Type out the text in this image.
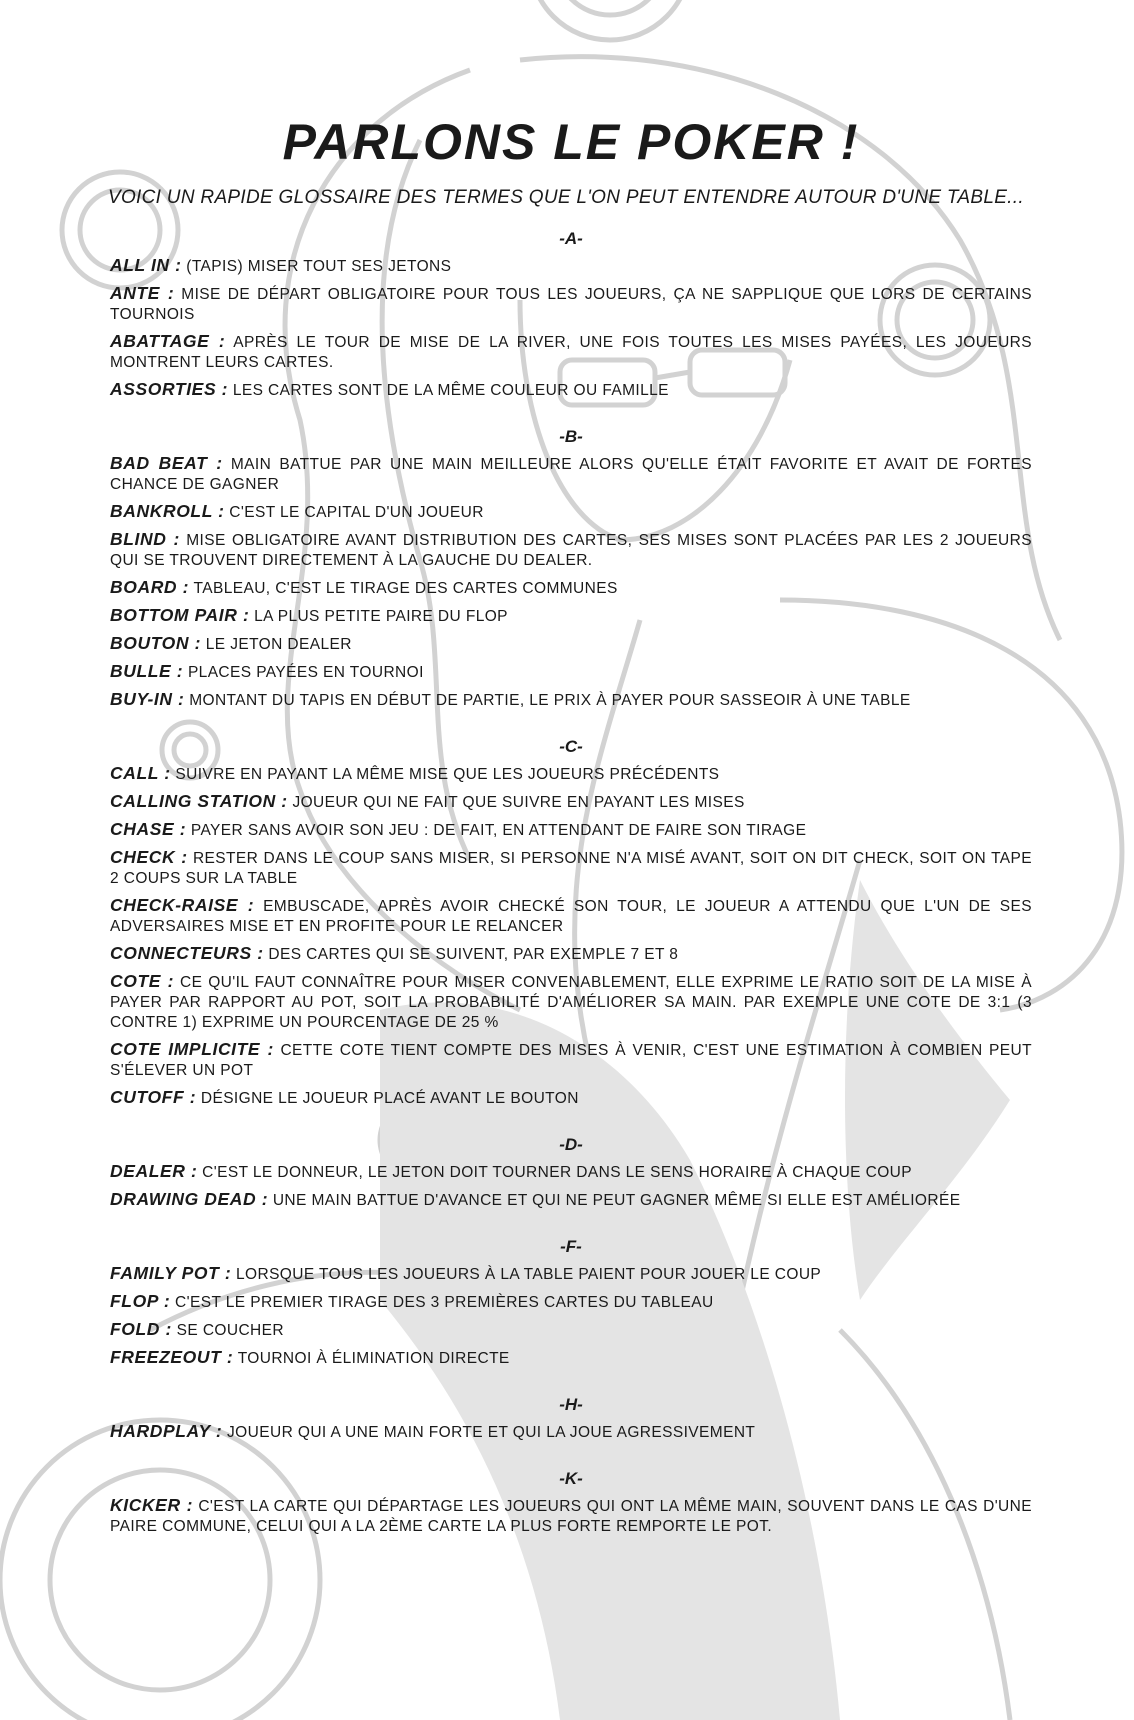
PARLONS LE POKER !
VOICI UN RAPIDE GLOSSAIRE DES TERMES QUE L'ON PEUT ENTENDRE AUTOUR D'UNE TABLE...
-A-
ALL IN : (TAPIS) MISER TOUT SES JETONS
ANTE : MISE DE DÉPART OBLIGATOIRE POUR TOUS LES JOUEURS, ÇA NE SAPPLIQUE QUE LORS DE CERTAINS TOURNOIS
ABATTAGE : APRÈS LE TOUR DE MISE DE LA RIVER, UNE FOIS TOUTES LES MISES PAYÉES, LES JOUEURS MONTRENT LEURS CARTES.
ASSORTIES : LES CARTES SONT DE LA MÊME COULEUR OU FAMILLE
-B-
BAD BEAT : MAIN BATTUE PAR UNE MAIN MEILLEURE ALORS QU'ELLE ÉTAIT FAVORITE ET AVAIT DE FORTES CHANCE DE GAGNER
BANKROLL : C'EST LE CAPITAL D'UN JOUEUR
BLIND : MISE OBLIGATOIRE AVANT DISTRIBUTION DES CARTES, SES MISES SONT PLACÉES PAR LES 2 JOUEURS QUI SE TROUVENT DIRECTEMENT À LA GAUCHE DU DEALER.
BOARD : TABLEAU, C'EST LE TIRAGE DES CARTES COMMUNES
BOTTOM PAIR : LA PLUS PETITE PAIRE DU FLOP
BOUTON : LE JETON DEALER
BULLE : PLACES PAYÉES EN TOURNOI
BUY-IN : MONTANT DU TAPIS EN DÉBUT DE PARTIE, LE PRIX À PAYER POUR SASSEOIR À UNE TABLE
-C-
CALL : SUIVRE EN PAYANT LA MÊME MISE QUE LES JOUEURS PRÉCÉDENTS
CALLING STATION : JOUEUR QUI NE FAIT QUE SUIVRE EN PAYANT LES MISES
CHASE : PAYER SANS AVOIR SON JEU : DE FAIT, EN ATTENDANT DE FAIRE SON TIRAGE
CHECK : RESTER DANS LE COUP SANS MISER, SI PERSONNE N'A MISÉ AVANT, SOIT ON DIT CHECK, SOIT ON TAPE 2 COUPS SUR LA TABLE
CHECK-RAISE : EMBUSCADE, APRÈS AVOIR CHECKÉ SON TOUR, LE JOUEUR A ATTENDU QUE L'UN DE SES ADVERSAIRES MISE ET EN PROFITE POUR LE RELANCER
CONNECTEURS : DES CARTES QUI SE SUIVENT, PAR EXEMPLE 7 ET 8
COTE : CE QU'IL FAUT CONNAÎTRE POUR MISER CONVENABLEMENT, ELLE EXPRIME LE RATIO SOIT DE LA MISE À PAYER PAR RAPPORT AU POT, SOIT LA PROBABILITÉ D'AMÉLIORER SA MAIN. PAR EXEMPLE UNE COTE DE 3:1 (3 CONTRE 1) EXPRIME UN POURCENTAGE DE 25 %
COTE IMPLICITE : CETTE COTE TIENT COMPTE DES MISES À VENIR, C'EST UNE ESTIMATION À COMBIEN PEUT S'ÉLEVER UN POT
CUTOFF : DÉSIGNE LE JOUEUR PLACÉ AVANT LE BOUTON
-D-
DEALER : C'EST LE DONNEUR, LE JETON DOIT TOURNER DANS LE SENS HORAIRE À CHAQUE COUP
DRAWING DEAD : UNE MAIN BATTUE D'AVANCE ET QUI NE PEUT GAGNER MÊME SI ELLE EST AMÉLIORÉE
-F-
FAMILY POT : LORSQUE TOUS LES JOUEURS À LA TABLE PAIENT POUR JOUER LE COUP
FLOP : C'EST LE PREMIER TIRAGE DES 3 PREMIÈRES CARTES DU TABLEAU
FOLD : SE COUCHER
FREEZEOUT : TOURNOI À ÉLIMINATION DIRECTE
-H-
HARDPLAY : JOUEUR QUI A UNE MAIN FORTE ET QUI LA JOUE AGRESSIVEMENT
-K-
KICKER : C'EST LA CARTE QUI DÉPARTAGE LES JOUEURS QUI ONT LA MÊME MAIN, SOUVENT DANS LE CAS D'UNE PAIRE COMMUNE, CELUI QUI A LA 2ÈME CARTE LA PLUS FORTE REMPORTE LE POT.
